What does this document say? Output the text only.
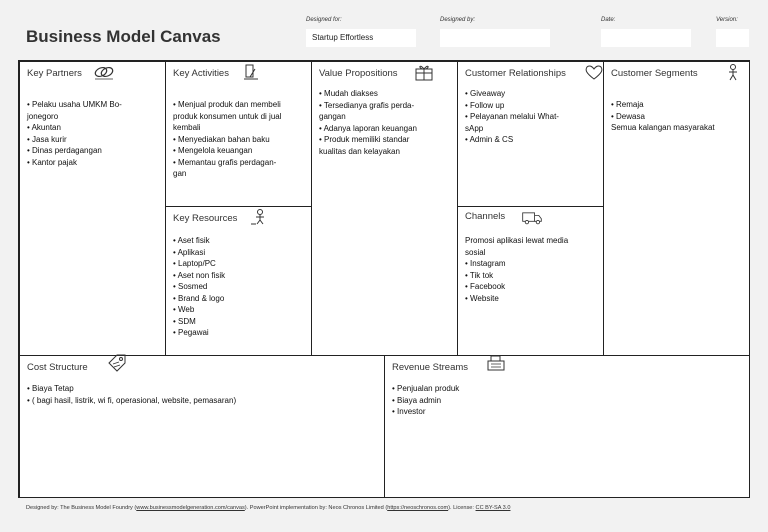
Business Model Canvas
Designed for:
Startup Effortless
Designed by:	Date:	Version:
Key Partners
• Pelaku usaha UMKM Bo-
jonegoro
• Akuntan
• Jasa kurir
• Dinas perdagangan
• Kantor pajak
Key Activities
• Menjual produk dan membeli
produk konsumen untuk di jual
kembali
• Menyediakan bahan baku
• Mengelola keuangan
• Memantau grafis perdagan-
gan
Key Resources
• Aset fisik
• Aplikasi
• Laptop/PC
• Aset non fisik
• Sosmed
• Brand & logo
• Web
• SDM
• Pegawai
Value Propositions
• Mudah diakses
• Tersedianya grafis perda-
gangan
• Adanya laporan keuangan
• Produk memiliki standar
kualitas dan kelayakan
Customer Relationships
• Giveaway
• Follow up
• Pelayanan melalui What-
sApp
• Admin & CS
Channels
Promosi aplikasi lewat media
sosial
• Instagram
• Tik tok
• Facebook
• Website
Customer Segments
• Remaja
• Dewasa
Semua kalangan masyarakat
Cost Structure
• Biaya Tetap
• ( bagi hasil, listrik, wi fi, operasional, website, pemasaran)
Revenue Streams
• Penjualan produk
• Biaya admin
• Investor
Designed by: The Business Model Foundry (www.businessmodelgeneration.com/canvas). PowerPoint implementation by: Neos Chronos Limited (https://neoschronos.com). License: CC BY-SA 3.0
